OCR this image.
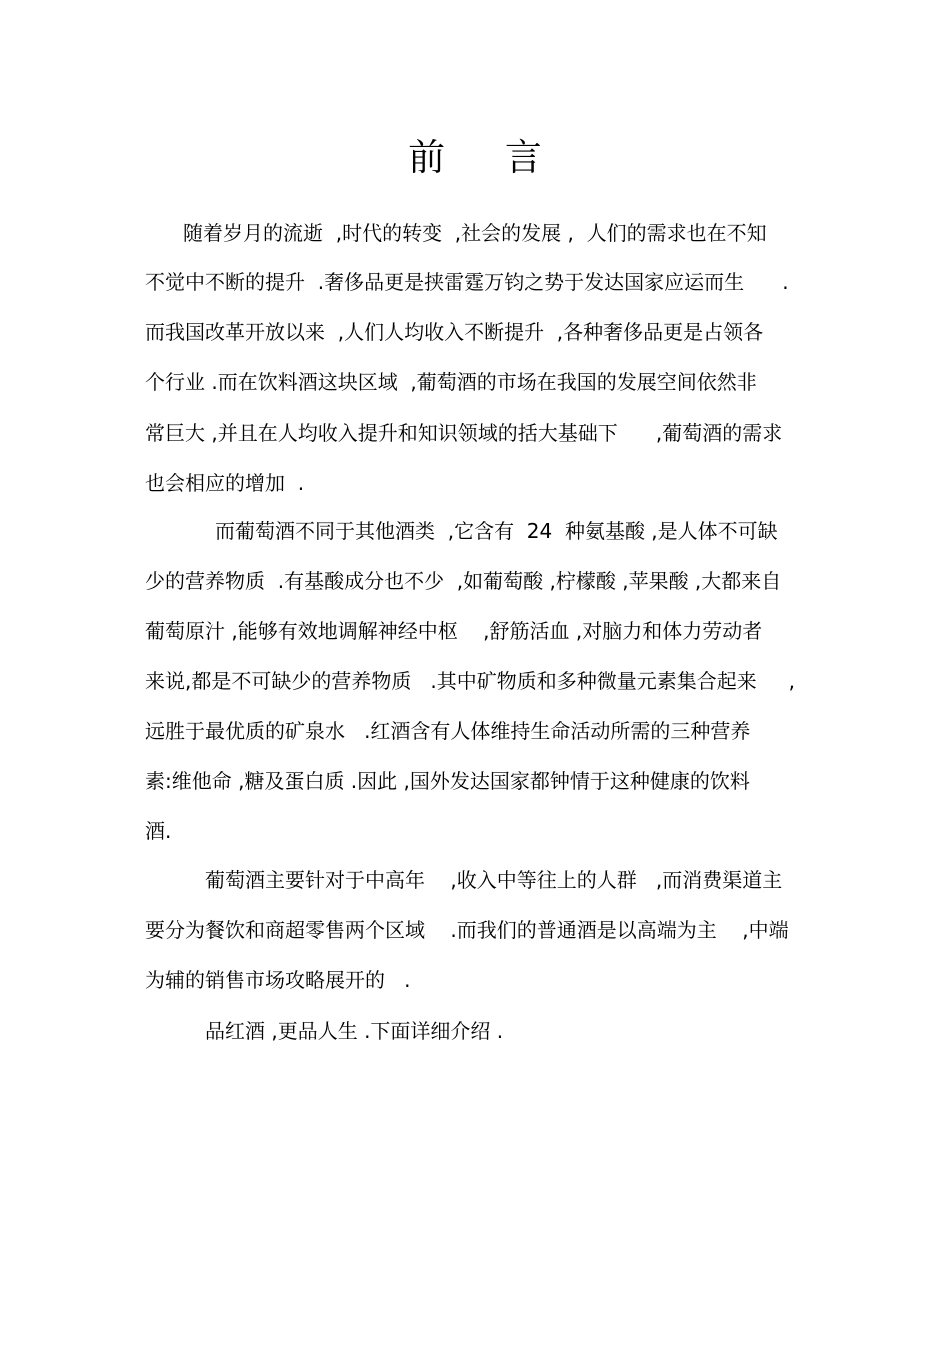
前 言
随着岁月的流逝  ,时代的转变  ,社会的发展 ,  人们的需求也在不知
不觉中不断的提升  .奢侈品更是挟雷霆万钧之势于发达国家应运而生      .
而我国改革开放以来  ,人们人均收入不断提升  ,各种奢侈品更是占领各
个行业 .而在饮料酒这块区域  ,葡萄酒的市场在我国的发展空间依然非
常巨大 ,并且在人均收入提升和知识领域的括大基础下      ,葡萄酒的需求
也会相应的增加  .
而葡萄酒不同于其他酒类  ,它含有  24  种氨基酸 ,是人体不可缺
少的营养物质  .有基酸成分也不少  ,如葡萄酸 ,柠檬酸 ,苹果酸 ,大都来自
葡萄原汁 ,能够有效地调解神经中枢    ,舒筋活血 ,对脑力和体力劳动者
来说,都是不可缺少的营养物质   .其中矿物质和多种微量元素集合起来     ,
远胜于最优质的矿泉水   .红酒含有人体维持生命活动所需的三种营养
素:维他命 ,糖及蛋白质 .因此 ,国外发达国家都钟情于这种健康的饮料
酒.
葡萄酒主要针对于中高年    ,收入中等往上的人群   ,而消费渠道主
要分为餐饮和商超零售两个区域    .而我们的普通酒是以高端为主    ,中端
为辅的销售市场攻略展开的   .
品红酒 ,更品人生 .下面详细介绍 .
